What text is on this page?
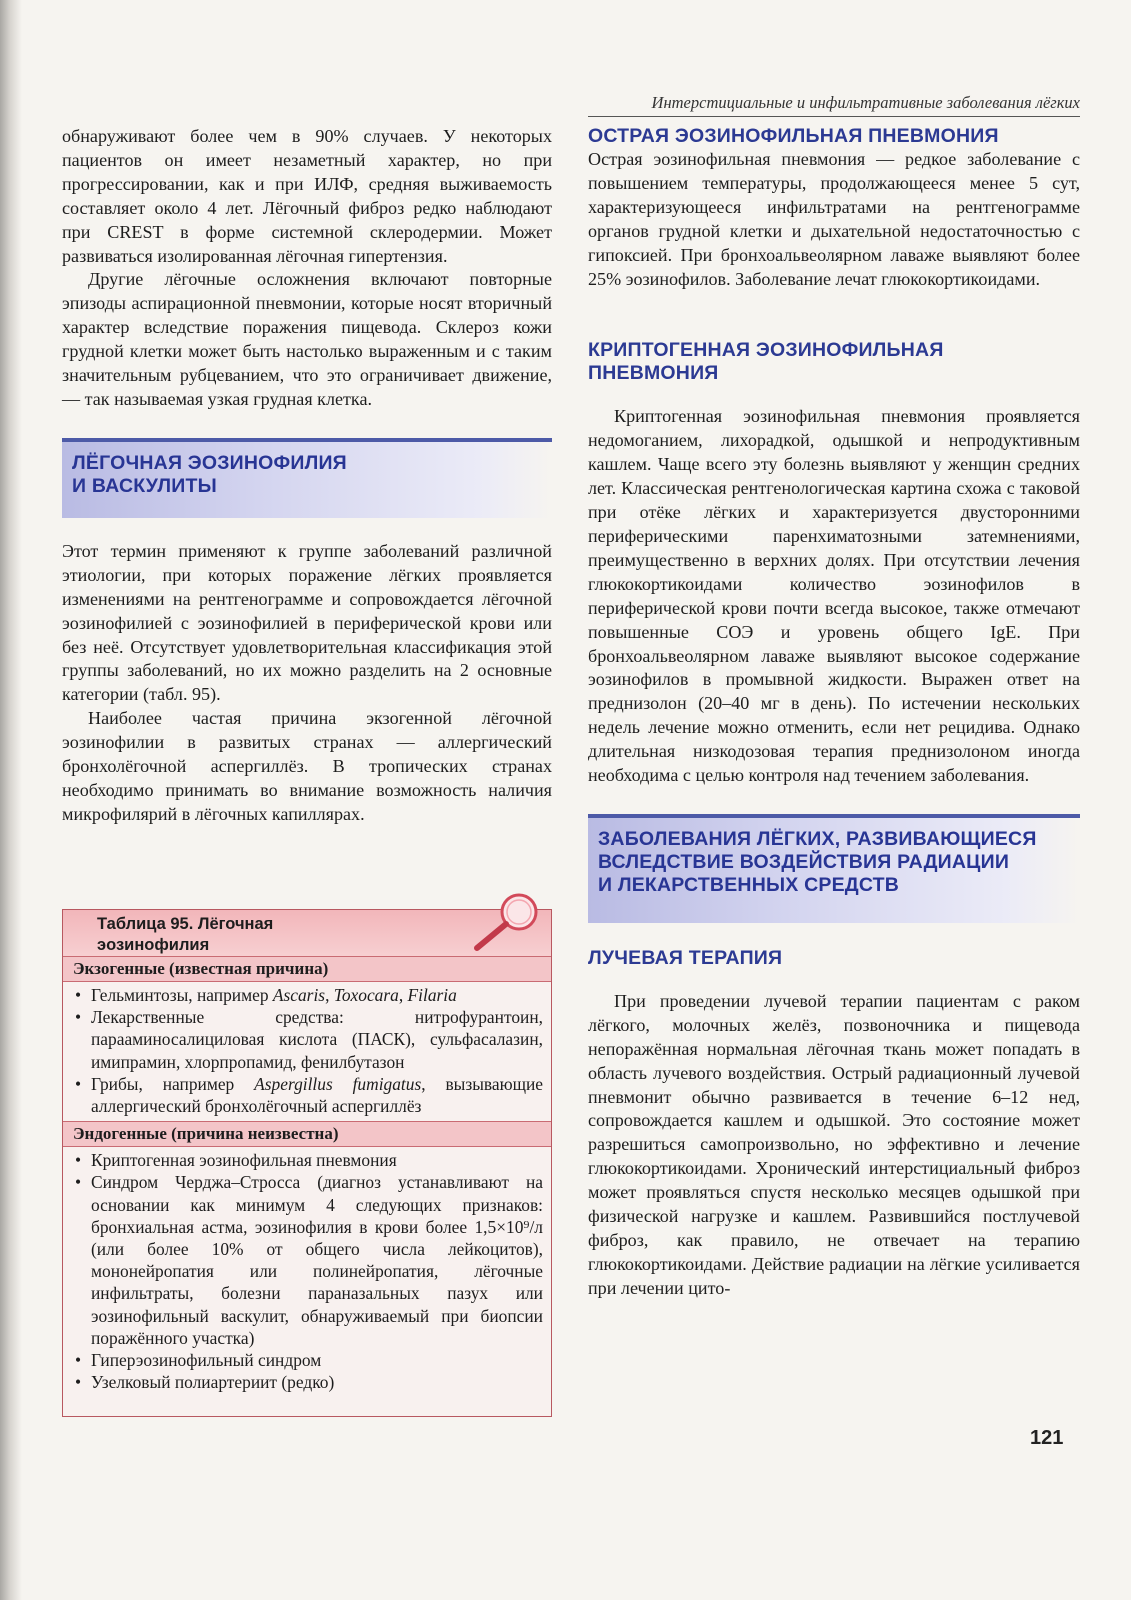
Интерстициальные и инфильтративные заболевания лёгких

обнаруживают более чем в 90% случаев. У некоторых пациентов он имеет незаметный характер, но при прогрессировании, как и при ИЛФ, средняя выживаемость составляет около 4 лет. Лёгочный фиброз редко наблюдают при CREST в форме системной склеродермии. Может развиваться изолированная лёгочная гипертензия.

Другие лёгочные осложнения включают повторные эпизоды аспирационной пневмонии, которые носят вторичный характер вследствие поражения пищевода. Склероз кожи грудной клетки может быть настолько выраженным и с таким значительным рубцеванием, что это ограничивает движение, — так называемая узкая грудная клетка.

ЛЁГОЧНАЯ ЭОЗИНОФИЛИЯ
И ВАСКУЛИТЫ

Этот термин применяют к группе заболеваний различной этиологии, при которых поражение лёгких проявляется изменениями на рентгенограмме и сопровождается лёгочной эозинофилией с эозинофилией в периферической крови или без неё. Отсутствует удовлетворительная классификация этой группы заболеваний, но их можно разделить на 2 основные категории (табл. 95).

Наиболее частая причина экзогенной лёгочной эозинофилии в развитых странах — аллергический бронхолёгочной аспергиллёз. В тропических странах необходимо принимать во внимание возможность наличия микрофилярий в лёгочных капиллярах.

Таблица 95. Лёгочная
эозинофилия
Экзогенные (известная причина)
• Гельминтозы, например Ascaris, Toxocara, Filaria
• Лекарственные средства: нитрофурантоин, парааминосалициловая кислота (ПАСК), сульфасалазин, имипрамин, хлорпропамид, фенилбутазон
• Грибы, например Aspergillus fumigatus, вызывающие аллергический бронхолёгочный аспергиллёз
Эндогенные (причина неизвестна)
• Криптогенная эозинофильная пневмония
• Синдром Черджа–Стросса (диагноз устанавливают на основании как минимум 4 следующих признаков: бронхиальная астма, эозинофилия в крови более 1,5×10⁹/л (или более 10% от общего числа лейкоцитов), мононейропатия или полинейропатия, лёгочные инфильтраты, болезни параназальных пазух или эозинофильный васкулит, обнаруживаемый при биопсии поражённого участка)
• Гиперэозинофильный синдром
• Узелковый полиартериит (редко)
ОСТРАЯ ЭОЗИНОФИЛЬНАЯ ПНЕВМОНИЯ

Острая эозинофильная пневмония — редкое заболевание с повышением температуры, продолжающееся менее 5 сут, характеризующееся инфильтратами на рентгенограмме органов грудной клетки и дыхательной недостаточностью с гипоксией. При бронхоальвеолярном лаваже выявляют более 25% эозинофилов. Заболевание лечат глюкокортикоидами.

КРИПТОГЕННАЯ ЭОЗИНОФИЛЬНАЯ
ПНЕВМОНИЯ

Криптогенная эозинофильная пневмония проявляется недомоганием, лихорадкой, одышкой и непродуктивным кашлем. Чаще всего эту болезнь выявляют у женщин средних лет. Классическая рентгенологическая картина схожа с таковой при отёке лёгких и характеризуется двусторонними периферическими паренхиматозными затемнениями, преимущественно в верхних долях. При отсутствии лечения глюкокортикоидами количество эозинофилов в периферической крови почти всегда высокое, также отмечают повышенные СОЭ и уровень общего IgE. При бронхоальвеолярном лаваже выявляют высокое содержание эозинофилов в промывной жидкости. Выражен ответ на преднизолон (20–40 мг в день). По истечении нескольких недель лечение можно отменить, если нет рецидива. Однако длительная низкодозовая терапия преднизолоном иногда необходима с целью контроля над течением заболевания.

ЗАБОЛЕВАНИЯ ЛЁГКИХ, РАЗВИВАЮЩИЕСЯ
ВСЛЕДСТВИЕ ВОЗДЕЙСТВИЯ РАДИАЦИИ
И ЛЕКАРСТВЕННЫХ СРЕДСТВ
ЛУЧЕВАЯ ТЕРАПИЯ

При проведении лучевой терапии пациентам с раком лёгкого, молочных желёз, позвоночника и пищевода непоражённая нормальная лёгочная ткань может попадать в область лучевого воздействия. Острый радиационный лучевой пневмонит обычно развивается в течение 6–12 нед, сопровождается кашлем и одышкой. Это состояние может разрешиться самопроизвольно, но эффективно и лечение глюкокортикоидами. Хронический интерстициальный фиброз может проявляться спустя несколько месяцев одышкой при физической нагрузке и кашлем. Развившийся постлучевой фиброз, как правило, не отвечает на терапию глюкокортикоидами. Действие радиации на лёгкие усиливается при лечении цито-

121
